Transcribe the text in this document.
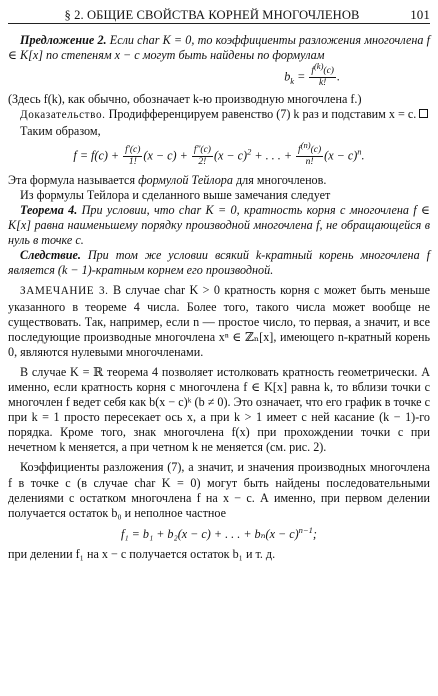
§ 2. ОБЩИЕ СВОЙСТВА КОРНЕЙ МНОГОЧЛЕНОВ	101

Предложение 2. Если char K = 0, то коэффициенты разложения многочлена f ∈ K[x] по степеням x − c могут быть найдены по формулам

$b_k = \frac{f^{(k)}(c)}{k!}$ .

(Здесь f(k), как обычно, обозначает k-ю производную многочлена f.)

Доказательство. Продифференцируем равенство (7) k раз и подставим x = c.

Таким образом,

$f = f(c) + \frac{f'(c)}{1!} (x - c) + \frac{f''(c)}{2!} (x - c)^2$ + . . . + $\frac{f^{(n)}(c)}{n!} (x - c)^n$.

Эта формула называется формулой Тейлора для многочленов.

Из формулы Тейлора и сделанного выше замечания следует

Теорема 4. При условии, что char K = 0, кратность корня c многочлена f ∈ K[x] равна наименьшему порядку производной многочлена f, не обращающейся в нуль в точке c.

Следствие. При том же условии всякий k-кратный корень многочлена f является (k − 1)-кратным корнем его производной.

ЗАМЕЧАНИЕ 3. В случае char K > 0 кратность корня c может быть меньше указанного в теореме 4 числа. Более того, такого числа может вообще не существовать. Так, например, если n — простое число, то первая, а значит, и все последующие производные многочлена xⁿ ∈ ℤₙ[x], имеющего n-кратный корень 0, являются нулевыми многочленами.

В случае K = ℝ теорема 4 позволяет истолковать кратность геометрически. А именно, если кратность корня c многочлена f ∈ K[x] равна k, то вблизи точки c многочлен f ведет себя как b(x − c)ᵏ (b ≠ 0). Это означает, что его график в точке c при k = 1 просто пересекает ось x, а при k > 1 имеет с ней касание (k − 1)-го порядка. Кроме того, знак многочлена f(x) при прохождении точки c при нечетном k меняется, а при четном k не меняется (см. рис. 2).

Коэффициенты разложения (7), а значит, и значения производных многочлена f в точке c (в случае char K = 0) могут быть найдены последовательными делениями с остатком многочлена f на x − c. А именно, при первом делении получается остаток b₀ и неполное частное

f₁ = b₁ + b₂(x − c) + . . . + $b_n(x - c)^{n-1}$;

при делении f₁ на x − c получается остаток b₁ и т. д.
